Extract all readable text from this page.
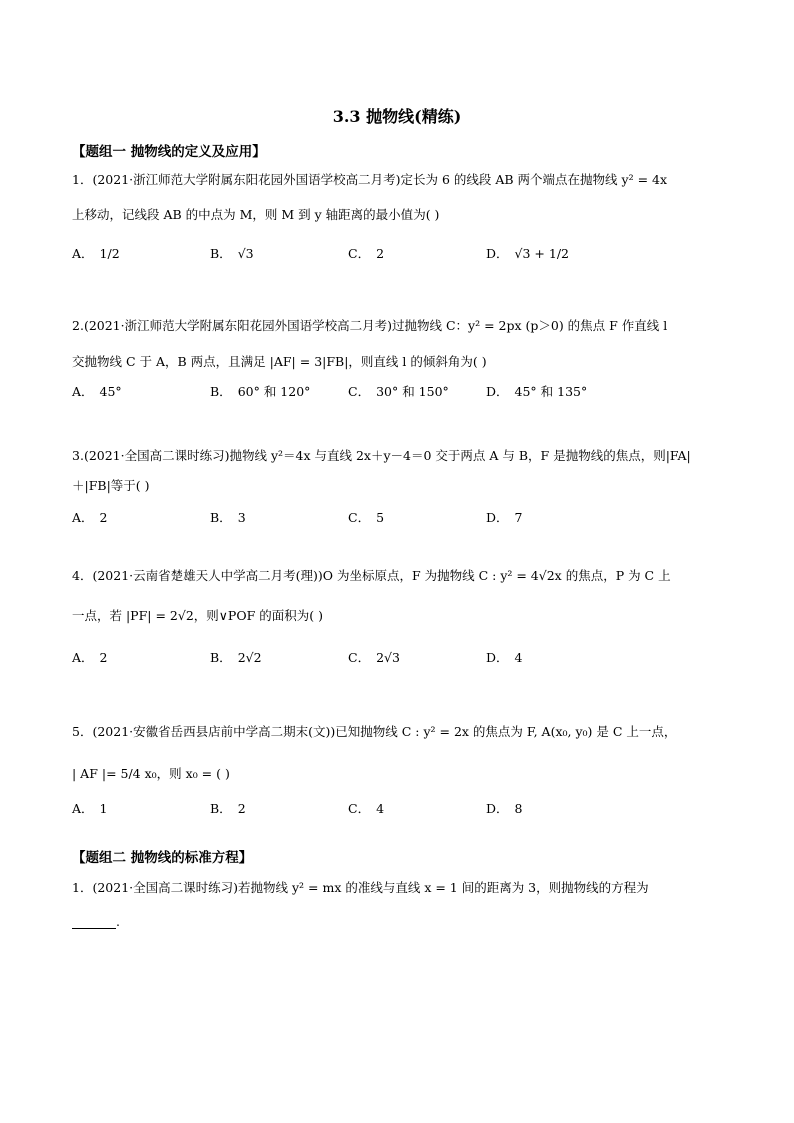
3.3 抛物线(精练)
【题组一 抛物线的定义及应用】
1．(2021·浙江师范大学附属东阳花园外国语学校高二月考)定长为 6 的线段 AB 两个端点在抛物线 y² = 4x
上移动，记线段 AB 的中点为 M，则 M 到 y 轴距离的最小值为( )
A． 1/2	B． √3	C． 2	D． √3 + 1/2
2.(2021·浙江师范大学附属东阳花园外国语学校高二月考)过抛物线 C：y² = 2px (p＞0) 的焦点 F 作直线 l
交抛物线 C 于 A，B 两点，且满足 |AF| = 3|FB|，则直线 l 的倾斜角为( )
A． 45°	B． 60° 和 120°	C． 30° 和 150°	D． 45° 和 135°
3.(2021·全国高二课时练习)抛物线 y²＝4x 与直线 2x＋y－4＝0 交于两点 A 与 B，F 是抛物线的焦点，则|FA|
＋|FB|等于( )
A． 2	B． 3	C． 5	D． 7
4．(2021·云南省楚雄天人中学高二月考(理))O 为坐标原点，F 为抛物线 C : y² = 4√2x 的焦点，P 为 C 上
一点，若 |PF| = 2√2，则∨POF 的面积为( )
A． 2	B． 2√2	C． 2√3	D． 4
5．(2021·安徽省岳西县店前中学高二期末(文))已知抛物线 C : y² = 2x 的焦点为 F, A(x₀, y₀) 是 C 上一点，
| AF |= 5/4 x₀，则 x₀ = ( )
A． 1	B． 2	C． 4	D． 8
【题组二 抛物线的标准方程】
1．(2021·全国高二课时练习)若抛物线 y² = mx 的准线与直线 x = 1 间的距离为 3，则抛物线的方程为
.
